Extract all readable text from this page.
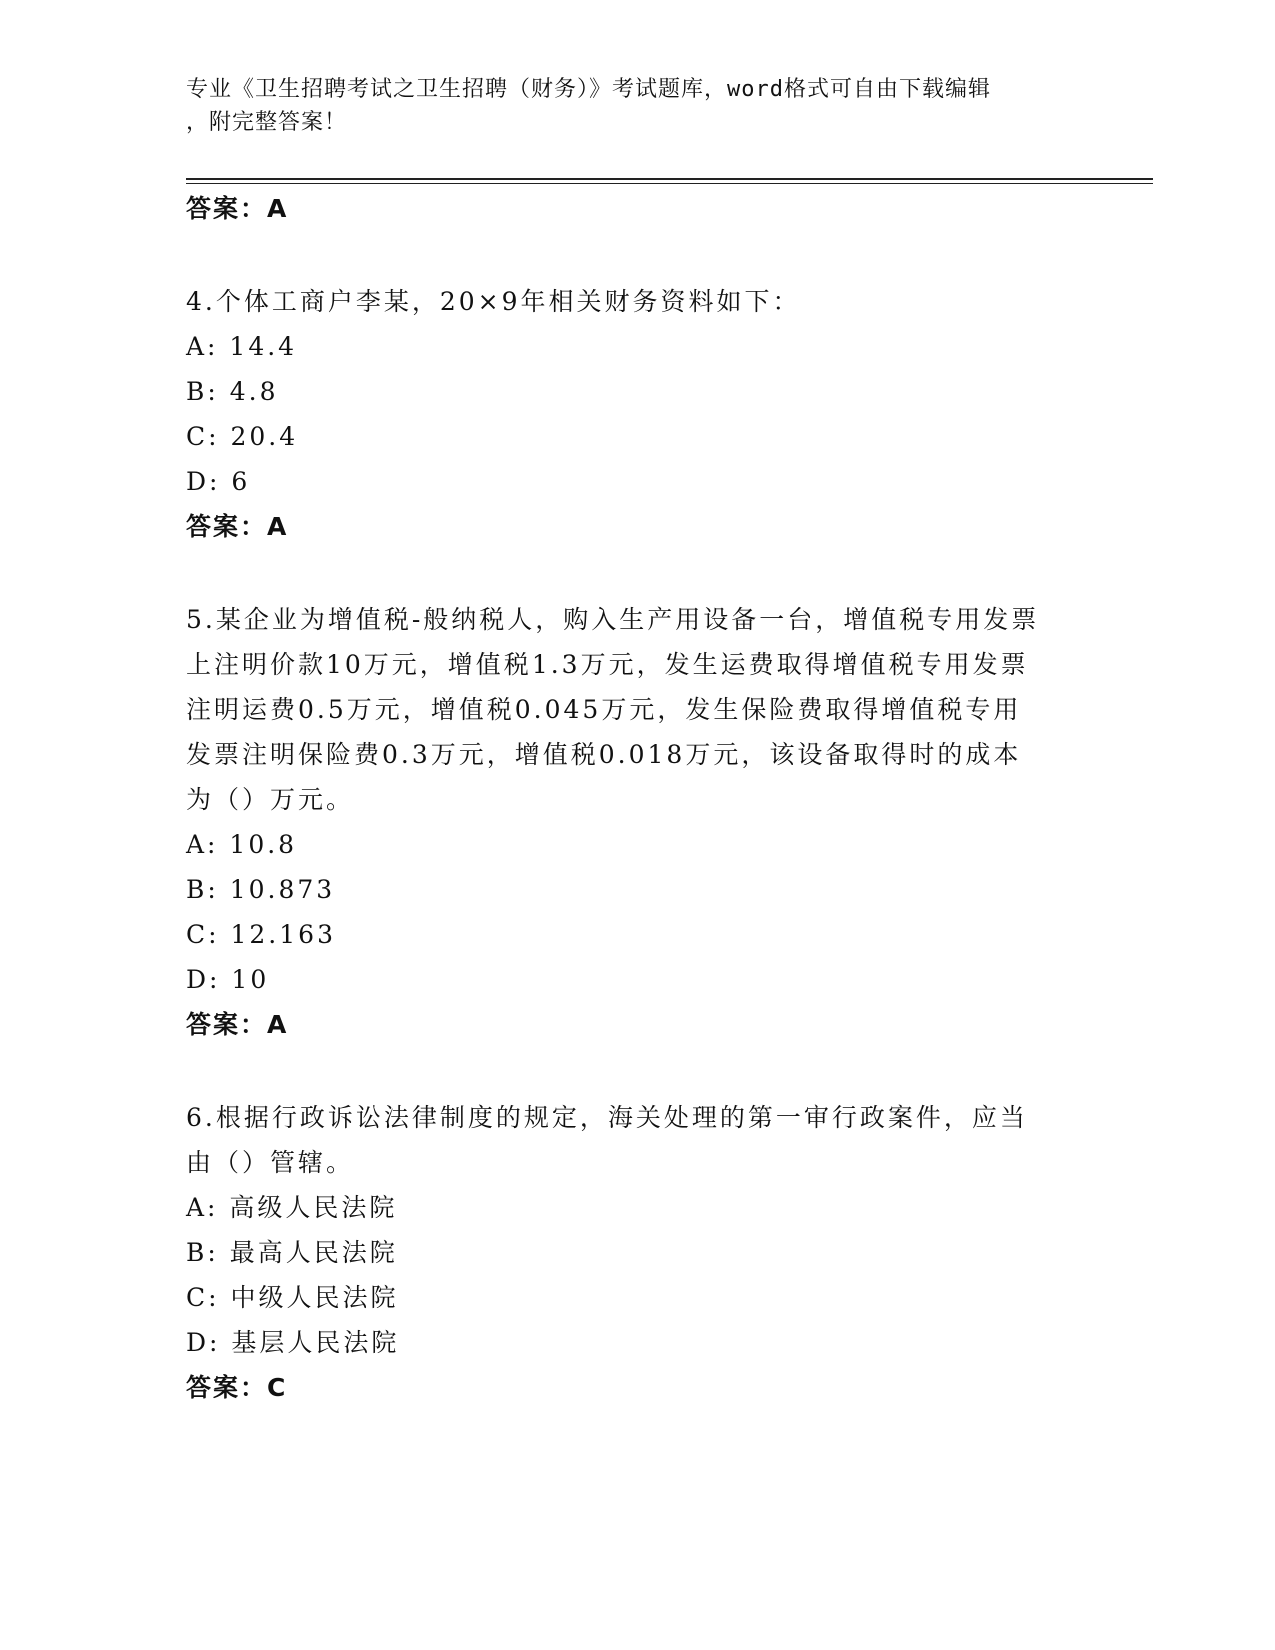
专业《卫生招聘考试之卫生招聘（财务）》考试题库，word格式可自由下载编辑
，附完整答案！
答案：A
4.个体工商户李某，20×9年相关财务资料如下：
A: 14.4
B: 4.8
C: 20.4
D: 6
答案：A
5.某企业为增值税-般纳税人，购入生产用设备一台，增值税专用发票
上注明价款10万元，增值税1.3万元，发生运费取得增值税专用发票
注明运费0.5万元，增值税0.045万元，发生保险费取得增值税专用
发票注明保险费0.3万元，增值税0.018万元，该设备取得时的成本
为（）万元。
A: 10.8
B: 10.873
C: 12.163
D: 10
答案：A
6.根据行政诉讼法律制度的规定，海关处理的第一审行政案件，应当
由（）管辖。
A: 高级人民法院
B: 最高人民法院
C: 中级人民法院
D: 基层人民法院
答案：C
